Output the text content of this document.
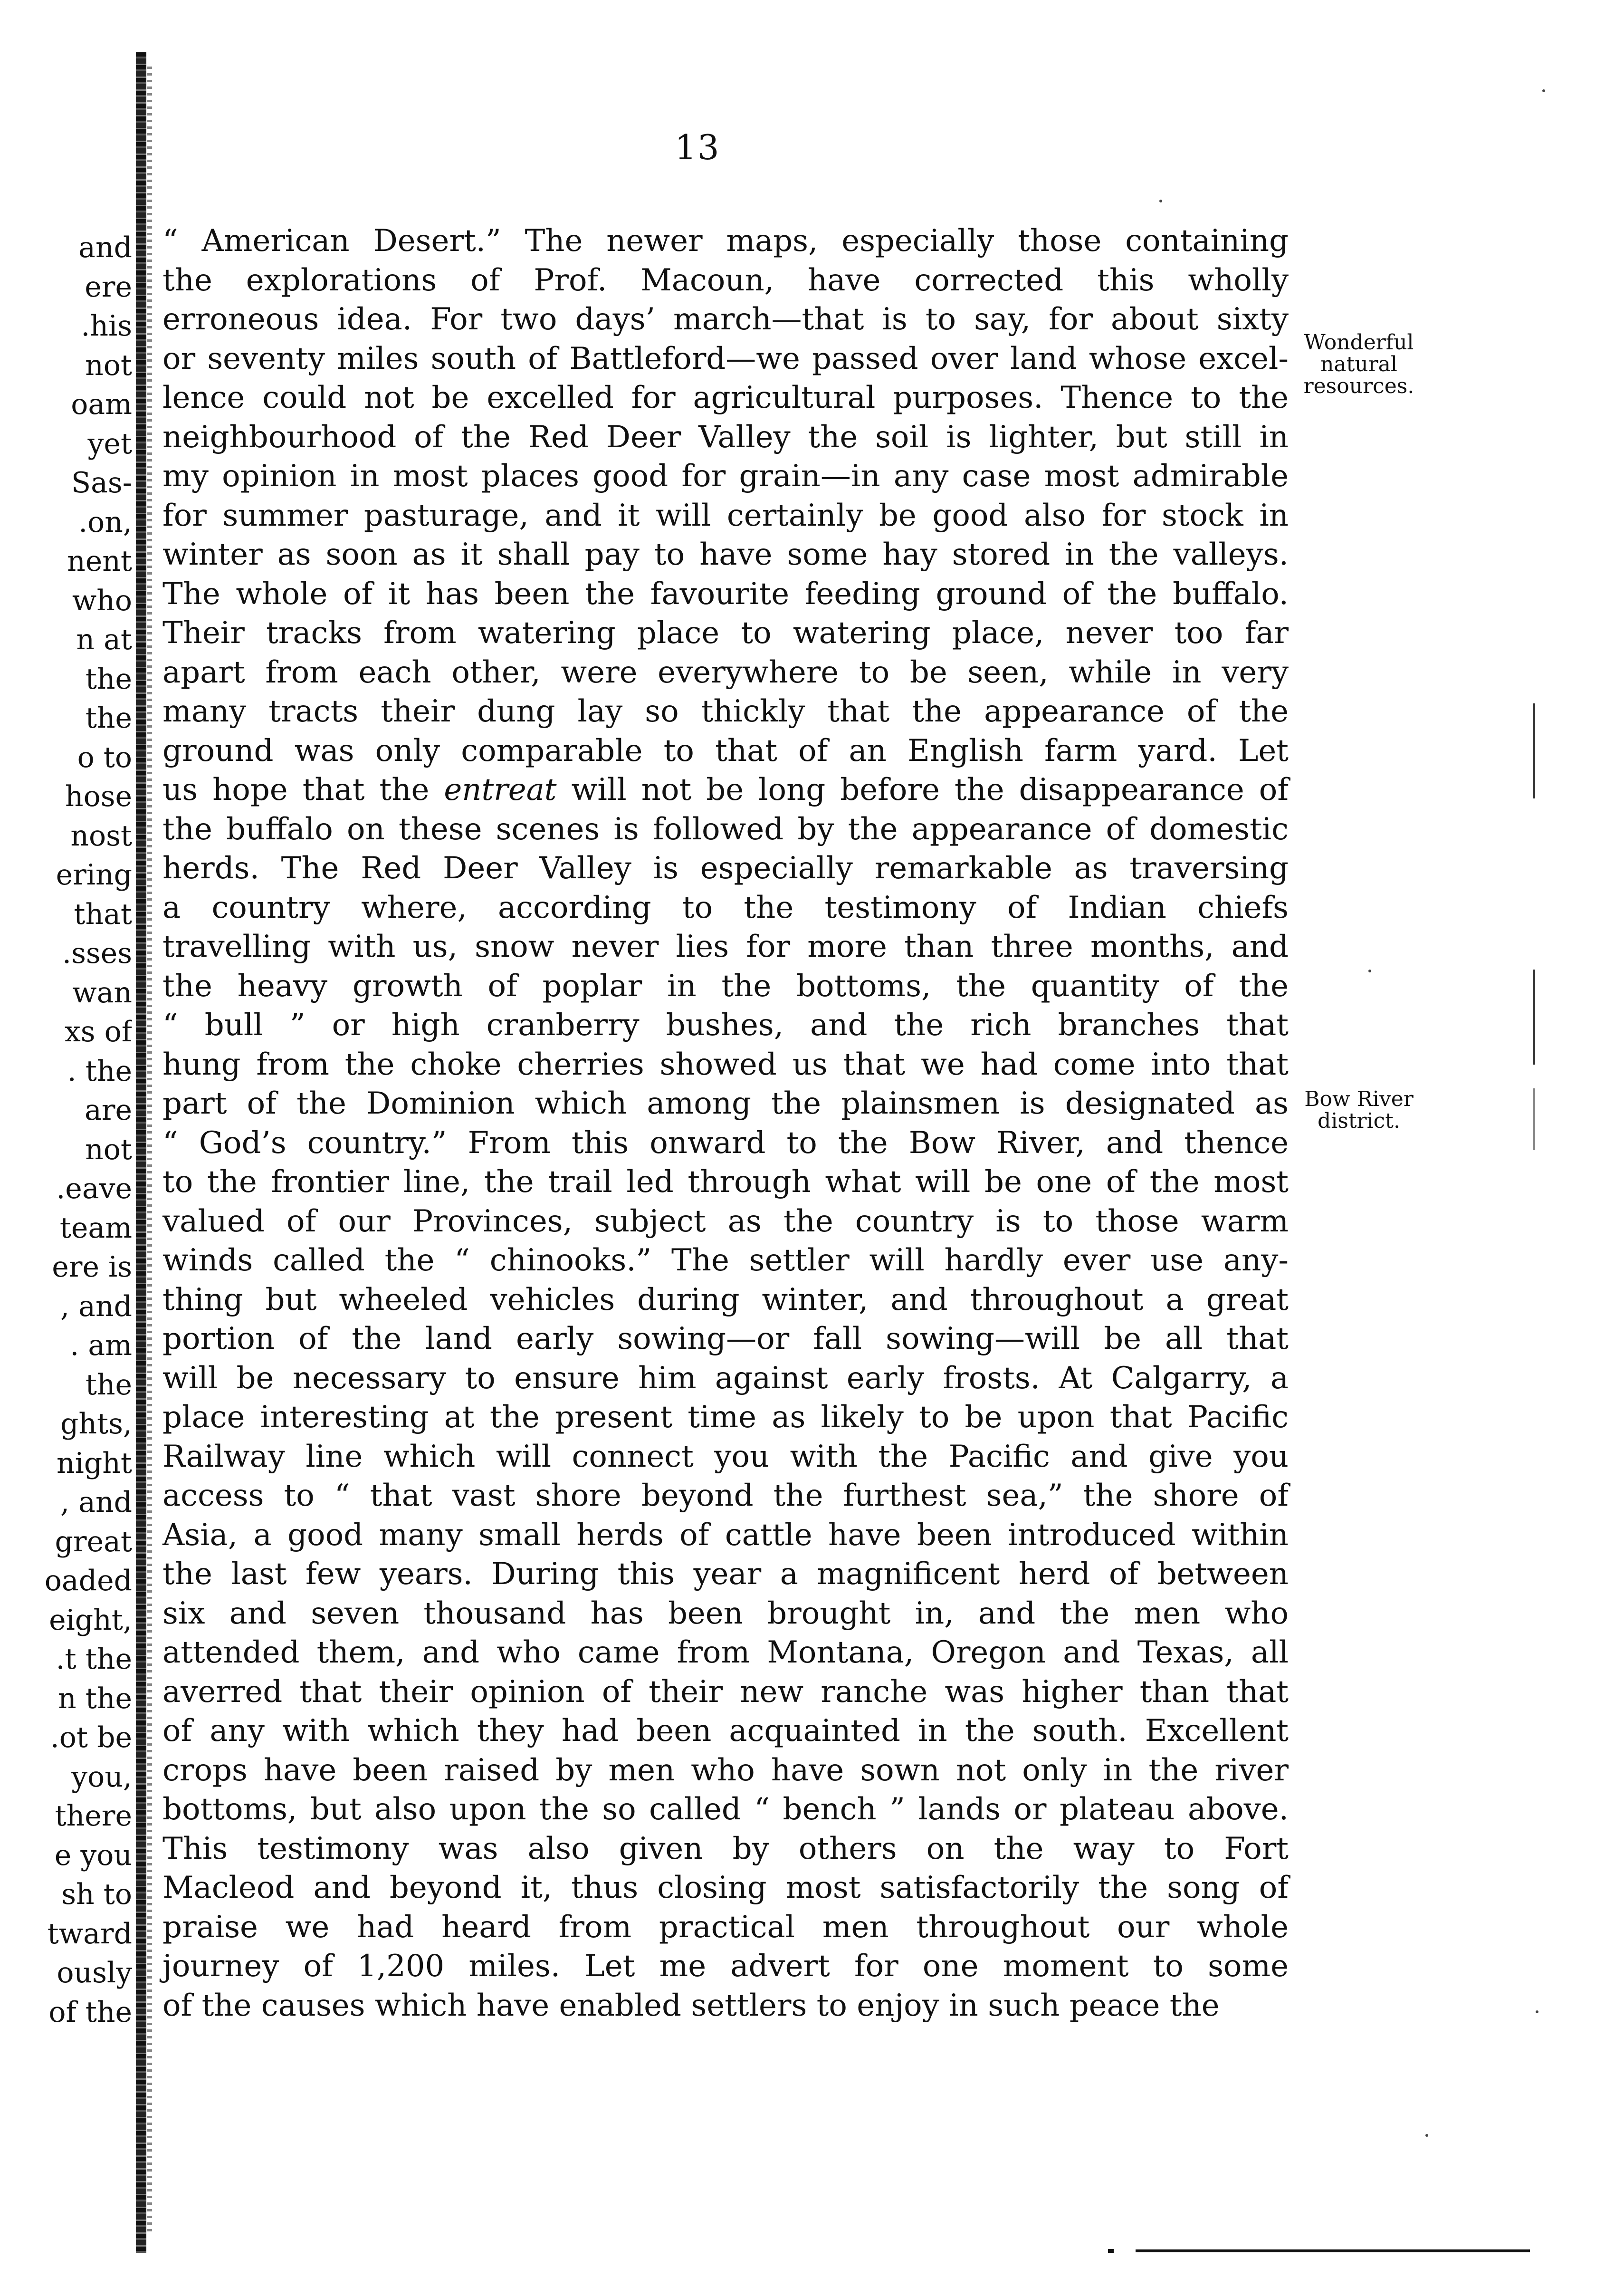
13
and
ere
.his
not
oam
yet
Sas-
.on,
nent
who
n at
the
the
o to
hose
nost
ering
that
.sses
wan
xs of
. the
are
not
.eave
team
ere is
, and
. am
the
ghts,
night
, and
great
oaded
eight,
.t the
n the
.ot be
you,
there
e you
sh to
tward
ously
of the
“ American Desert.” The newer maps, especially those containing
the explorations of Prof. Macoun, have corrected this wholly
erroneous idea. For two days’ march—that is to say, for about sixty
or seventy miles south of Battleford—we passed over land whose excel-
lence could not be excelled for agricultural purposes. Thence to the
neighbourhood of the Red Deer Valley the soil is lighter, but still in
my opinion in most places good for grain—in any case most admirable
for summer pasturage, and it will certainly be good also for stock in
winter as soon as it shall pay to have some hay stored in the valleys.
The whole of it has been the favourite feeding ground of the buffalo.
Their tracks from watering place to watering place, never too far
apart from each other, were everywhere to be seen, while in very
many tracts their dung lay so thickly that the appearance of the
ground was only comparable to that of an English farm yard. Let
us hope that the entreat will not be long before the disappearance of
the buffalo on these scenes is followed by the appearance of domestic
herds. The Red Deer Valley is especially remarkable as traversing
a country where, according to the testimony of Indian chiefs
travelling with us, snow never lies for more than three months, and
the heavy growth of poplar in the bottoms, the quantity of the
“ bull ” or high cranberry bushes, and the rich branches that
hung from the choke cherries showed us that we had come into that
part of the Dominion which among the plainsmen is designated as
“ God’s country.” From this onward to the Bow River, and thence
to the frontier line, the trail led through what will be one of the most
valued of our Provinces, subject as the country is to those warm
winds called the “ chinooks.” The settler will hardly ever use any-
thing but wheeled vehicles during winter, and throughout a great
portion of the land early sowing—or fall sowing—will be all that
will be necessary to ensure him against early frosts. At Calgarry, a
place interesting at the present time as likely to be upon that Pacific
Railway line which will connect you with the Pacific and give you
access to “ that vast shore beyond the furthest sea,” the shore of
Asia, a good many small herds of cattle have been introduced within
the last few years. During this year a magnificent herd of between
six and seven thousand has been brought in, and the men who
attended them, and who came from Montana, Oregon and Texas, all
averred that their opinion of their new ranche was higher than that
of any with which they had been acquainted in the south. Excellent
crops have been raised by men who have sown not only in the river
bottoms, but also upon the so called “ bench ” lands or plateau above.
This testimony was also given by others on the way to Fort
Macleod and beyond it, thus closing most satisfactorily the song of
praise we had heard from practical men throughout our whole
journey of 1,200 miles. Let me advert for one moment to some
of the causes which have enabled settlers to enjoy in such peace the
Wonderful
natural
resources.
Bow River
district.
